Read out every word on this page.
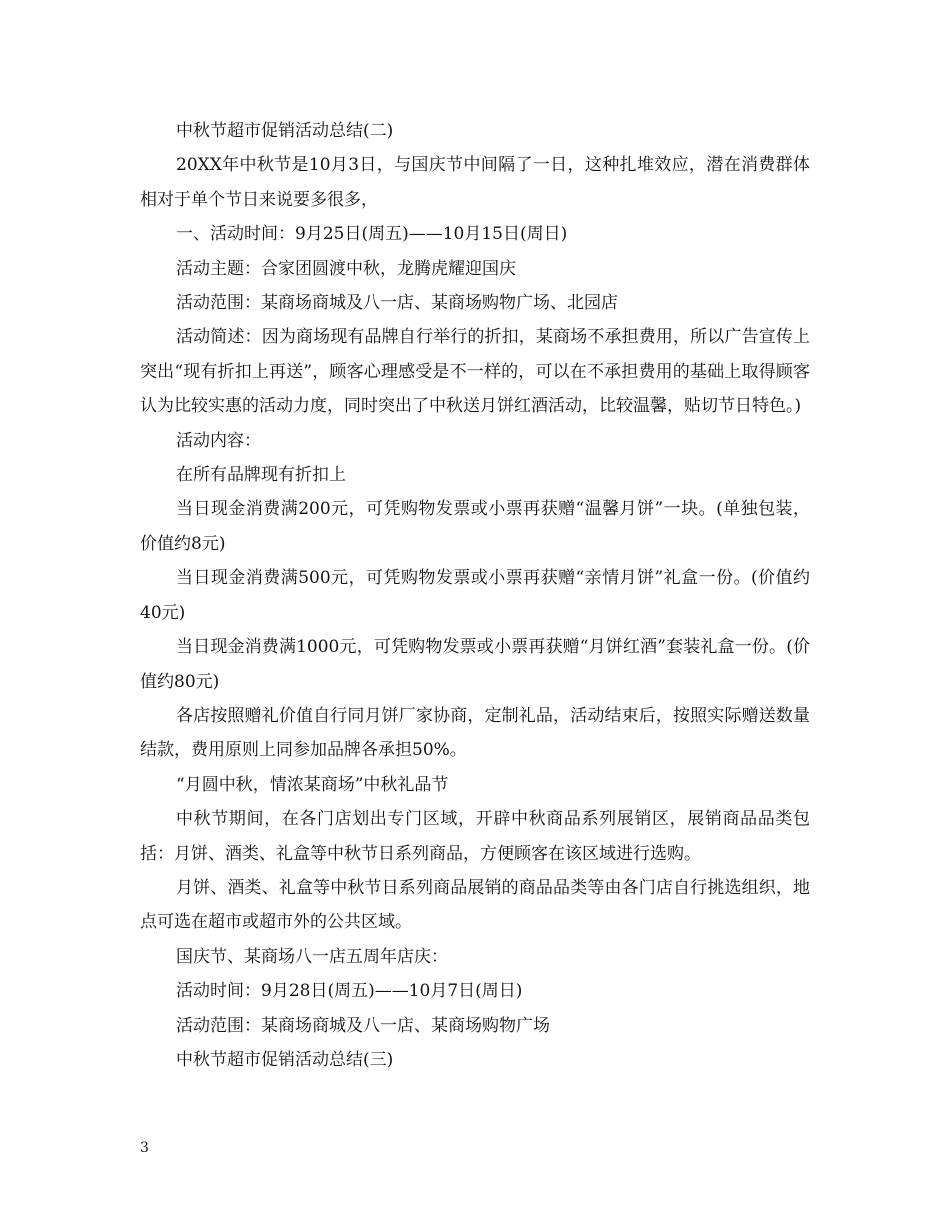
中秋节超市促销活动总结(二)

20XX年中秋节是10月3日，与国庆节中间隔了一日，这种扎堆效应，潜在消费群体相对于单个节日来说要多很多，

一、活动时间：9月25日(周五)——10月15日(周日)

活动主题：合家团圆渡中秋，龙腾虎耀迎国庆

活动范围：某商场商城及八一店、某商场购物广场、北园店

活动简述：因为商场现有品牌自行举行的折扣，某商场不承担费用，所以广告宣传上突出“现有折扣上再送”，顾客心理感受是不一样的，可以在不承担费用的基础上取得顾客认为比较实惠的活动力度，同时突出了中秋送月饼红酒活动，比较温馨，贴切节日特色。)

活动内容：

在所有品牌现有折扣上

当日现金消费满200元，可凭购物发票或小票再获赠“温馨月饼”一块。(单独包装，价值约8元)

当日现金消费满500元，可凭购物发票或小票再获赠“亲情月饼”礼盒一份。(价值约40元)

当日现金消费满1000元，可凭购物发票或小票再获赠“月饼红酒”套装礼盒一份。(价值约80元)

各店按照赠礼价值自行同月饼厂家协商，定制礼品，活动结束后，按照实际赠送数量结款，费用原则上同参加品牌各承担50%。

“月圆中秋，情浓某商场”中秋礼品节

中秋节期间，在各门店划出专门区域，开辟中秋商品系列展销区，展销商品品类包括：月饼、酒类、礼盒等中秋节日系列商品，方便顾客在该区域进行选购。

月饼、酒类、礼盒等中秋节日系列商品展销的商品品类等由各门店自行挑选组织，地点可选在超市或超市外的公共区域。

国庆节、某商场八一店五周年店庆：

活动时间：9月28日(周五)——10月7日(周日)

活动范围：某商场商城及八一店、某商场购物广场

中秋节超市促销活动总结(三)

3
